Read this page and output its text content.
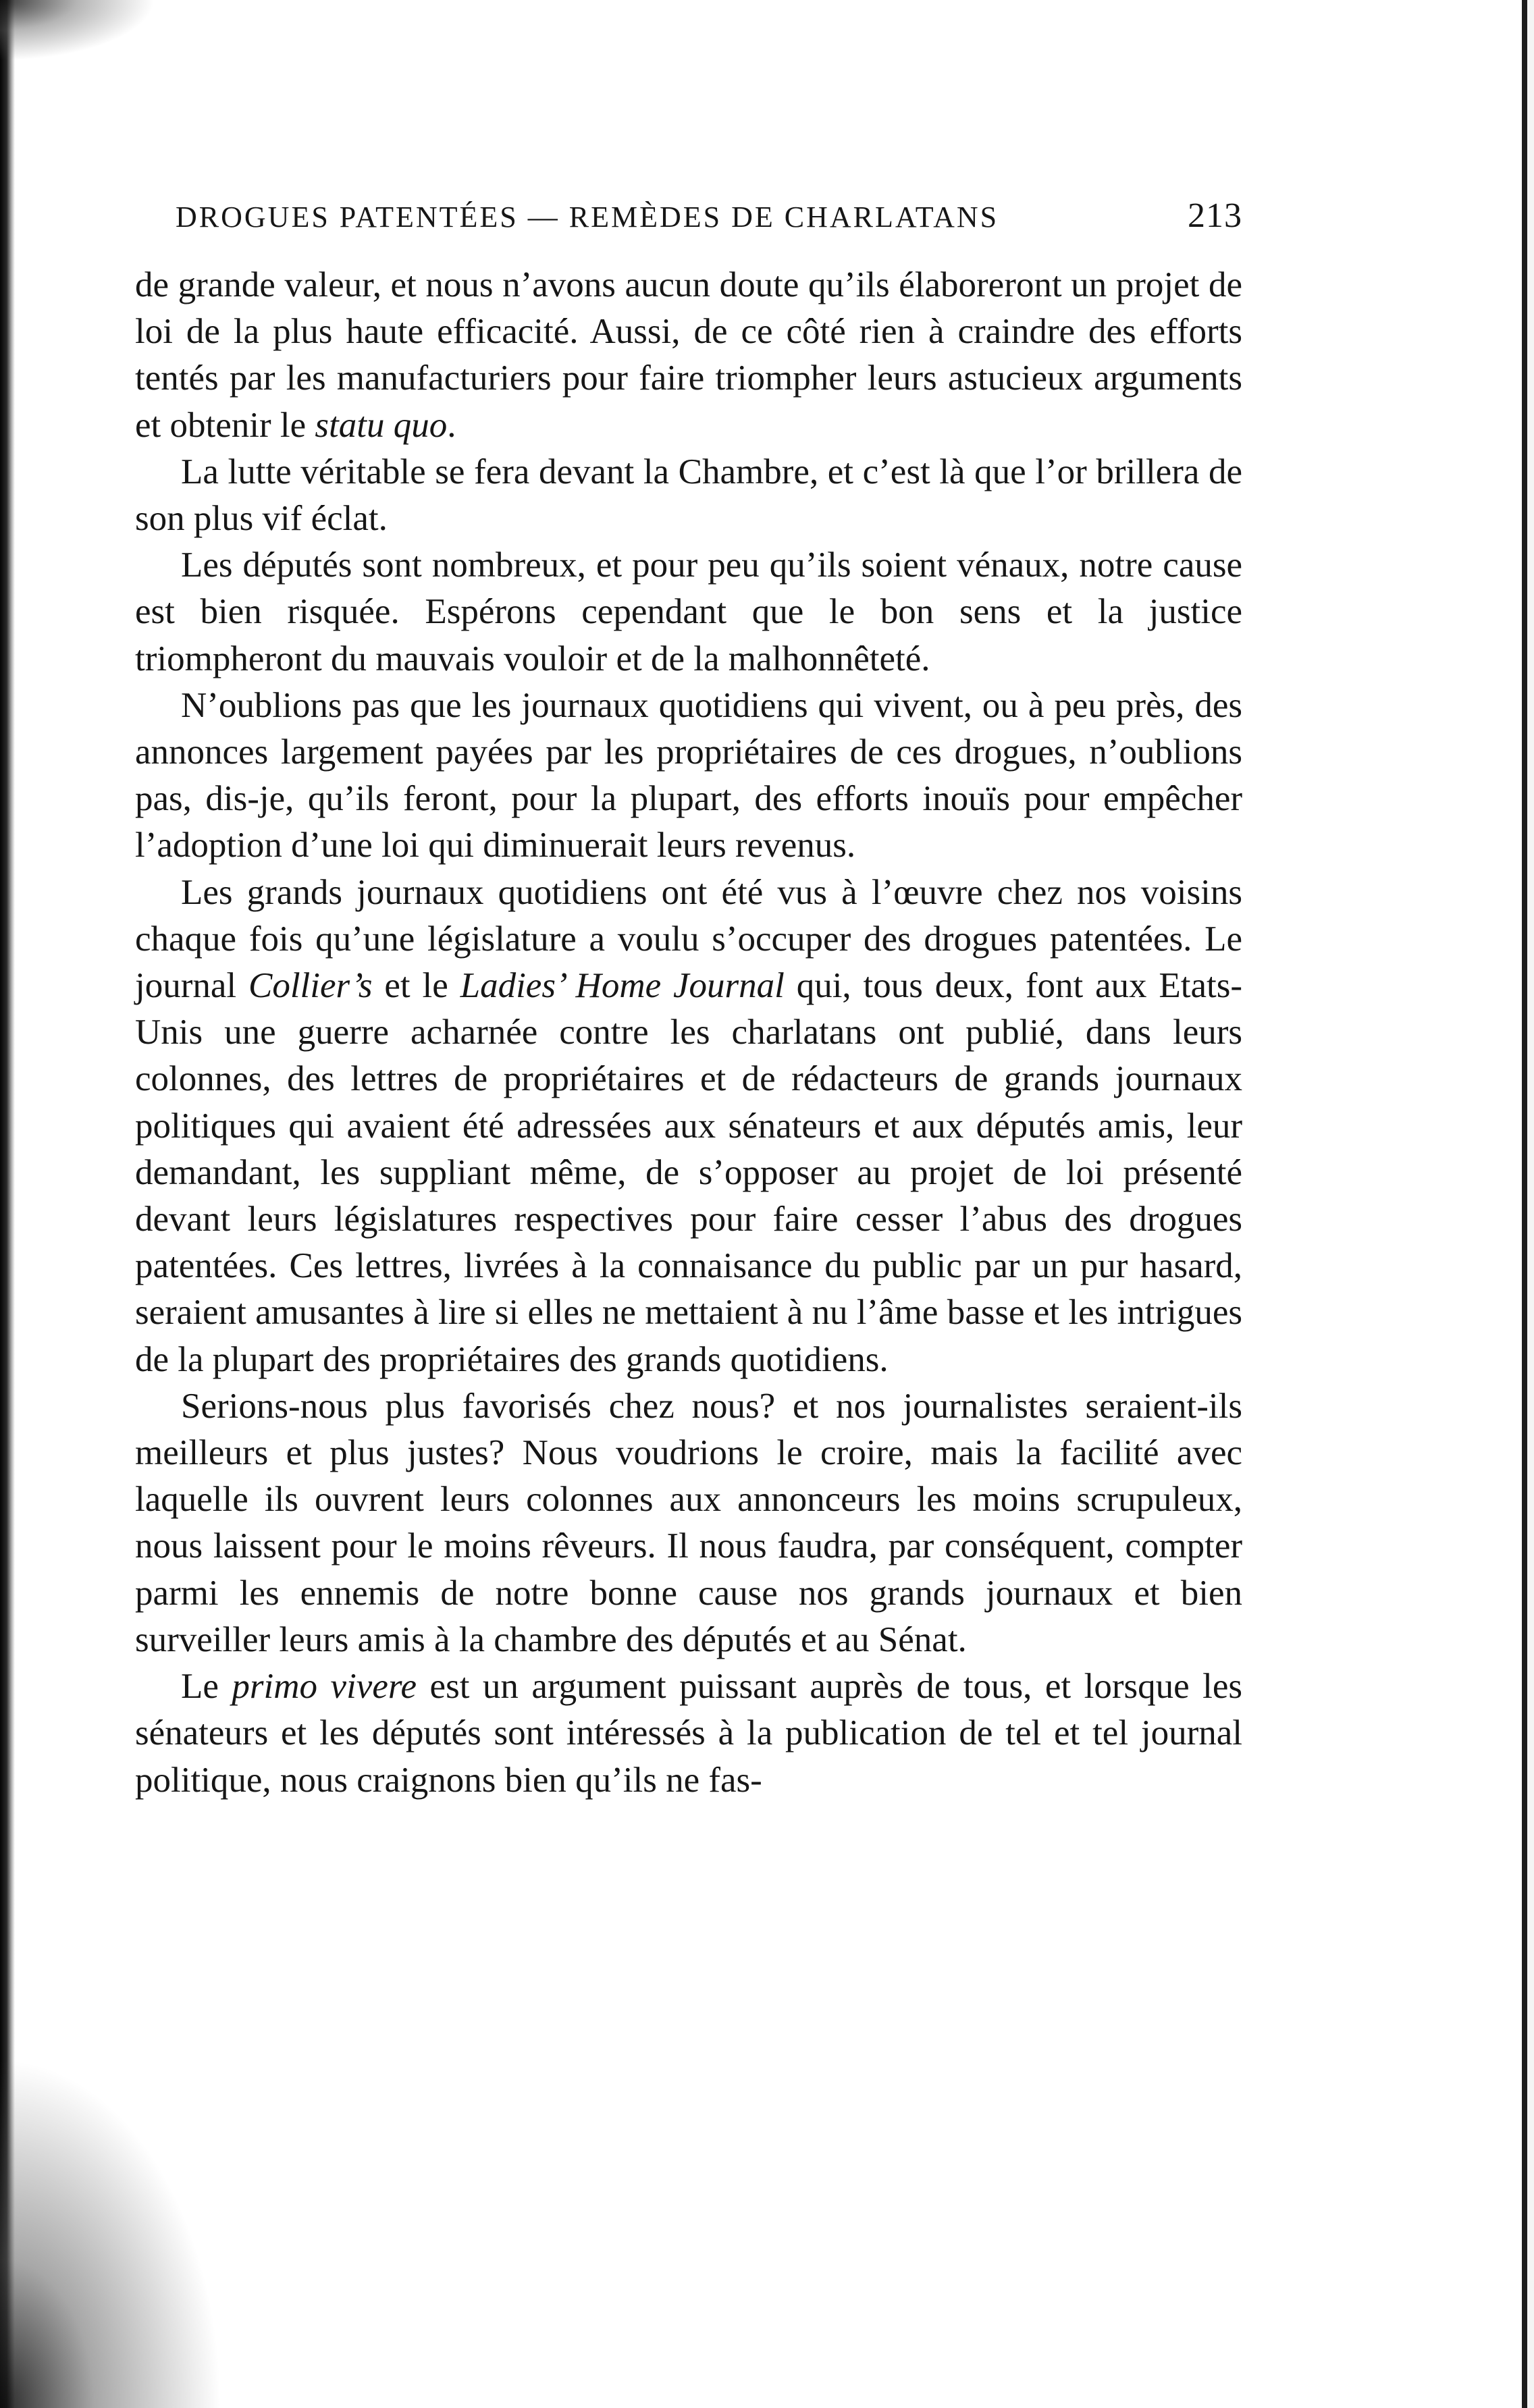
DROGUES PATENTÉES — REMÈDES DE CHARLATANS	213

de grande valeur, et nous n’avons aucun doute qu’ils élaboreront un projet de loi de la plus haute efficacité. Aussi, de ce côté rien à craindre des efforts tentés par les manufacturiers pour faire triompher leurs astucieux arguments et obtenir le statu quo.

La lutte véritable se fera devant la Chambre, et c’est là que l’or brillera de son plus vif éclat.

Les députés sont nombreux, et pour peu qu’ils soient vénaux, notre cause est bien risquée. Espérons cependant que le bon sens et la justice triompheront du mauvais vouloir et de la malhonnêteté.

N’oublions pas que les journaux quotidiens qui vivent, ou à peu près, des annonces largement payées par les propriétaires de ces drogues, n’oublions pas, dis-je, qu’ils feront, pour la plupart, des efforts inouïs pour empêcher l’adoption d’une loi qui diminuerait leurs revenus.

Les grands journaux quotidiens ont été vus à l’œuvre chez nos voisins chaque fois qu’une législature a voulu s’occuper des drogues patentées. Le journal Collier’s et le Ladies’ Home Journal qui, tous deux, font aux Etats-Unis une guerre acharnée contre les charlatans ont publié, dans leurs colonnes, des lettres de propriétaires et de rédacteurs de grands journaux politiques qui avaient été adressées aux sénateurs et aux députés amis, leur demandant, les suppliant même, de s’opposer au projet de loi présenté devant leurs législatures respectives pour faire cesser l’abus des drogues patentées. Ces lettres, livrées à la connaisance du public par un pur hasard, seraient amusantes à lire si elles ne mettaient à nu l’âme basse et les intrigues de la plupart des propriétaires des grands quotidiens.

Serions-nous plus favorisés chez nous? et nos journalistes seraient-ils meilleurs et plus justes? Nous voudrions le croire, mais la facilité avec laquelle ils ouvrent leurs colonnes aux annonceurs les moins scrupuleux, nous laissent pour le moins rêveurs. Il nous faudra, par conséquent, compter parmi les ennemis de notre bonne cause nos grands journaux et bien surveiller leurs amis à la chambre des députés et au Sénat.

Le primo vivere est un argument puissant auprès de tous, et lorsque les sénateurs et les députés sont intéressés à la publication de tel et tel journal politique, nous craignons bien qu’ils ne fas-
